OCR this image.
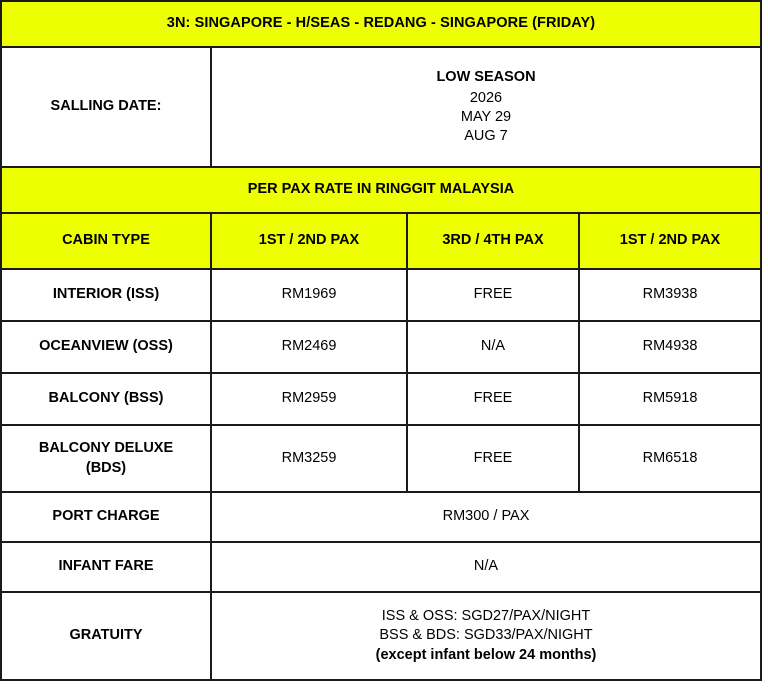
3N: SINGAPORE - H/SEAS - REDANG - SINGAPORE (FRIDAY)			
SALLING DATE:	LOW SEASON
2026
MAY 29
AUG 7		

PER PAX RATE IN RINGGIT MALAYSIA			
CABIN TYPE	1ST / 2ND PAX	3RD / 4TH PAX	1ST / 2ND PAX
INTERIOR (ISS)	RM1969	FREE	RM3938
OCEANVIEW (OSS)	RM2469	N/A	RM4938
BALCONY (BSS)	RM2959	FREE	RM5918

BALCONY DELUXE
(BDS)	RM3259	FREE	RM6518
PORT CHARGE	RM300 / PAX		
INFANT FARE	N/A		
GRATUITY	ISS & OSS: SGD27/PAX/NIGHT
BSS & BDS: SGD33/PAX/NIGHT
(except infant below 24 months)		
